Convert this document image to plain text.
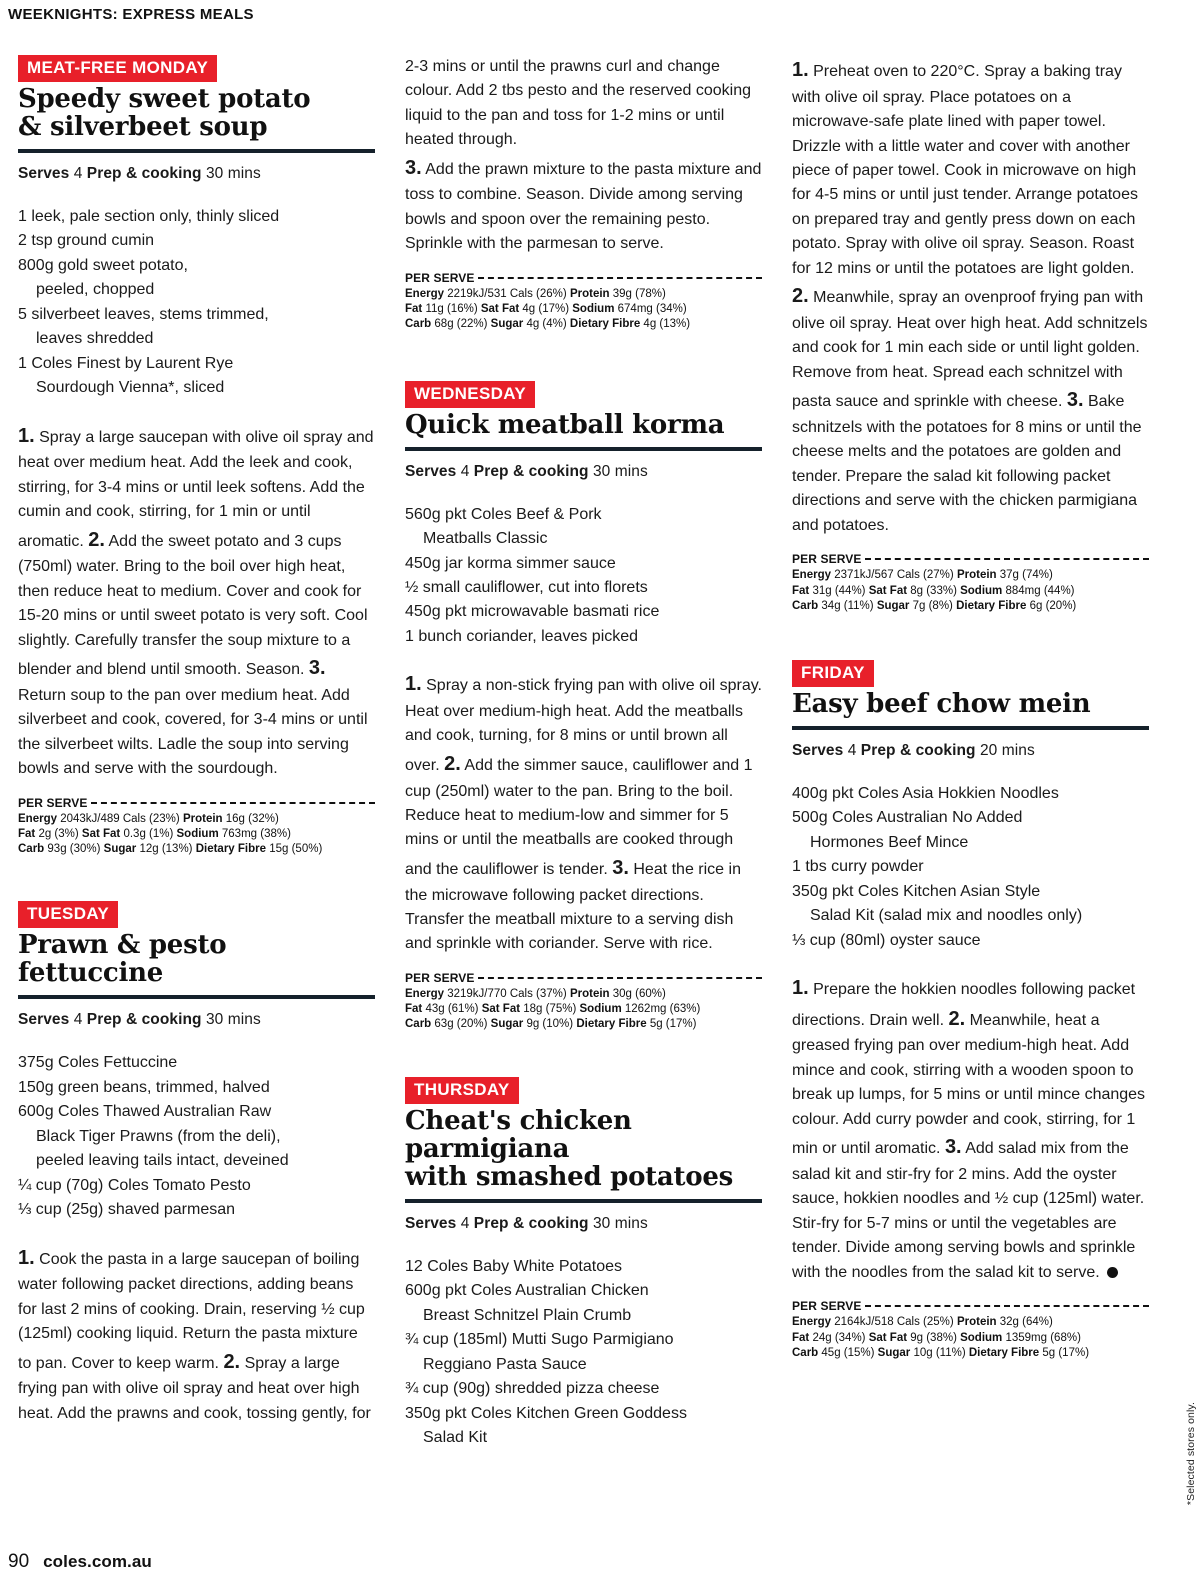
WEEKNIGHTS: EXPRESS MEALS
MEAT-FREE MONDAY
Speedy sweet potato
& silverbeet soup
Serves 4 Prep & cooking 30 mins
1 leek, pale section only, thinly sliced
2 tsp ground cumin
800g gold sweet potato,
peeled, chopped
5 silverbeet leaves, stems trimmed,
leaves shredded
1 Coles Finest by Laurent Rye
Sourdough Vienna*, sliced
1. Spray a large saucepan with olive oil spray and heat over medium heat. Add the leek and cook, stirring, for 3-4 mins or until leek softens. Add the cumin and cook, stirring, for 1 min or until aromatic. 2. Add the sweet potato and 3 cups (750ml) water. Bring to the boil over high heat, then reduce heat to medium. Cover and cook for 15-20 mins or until sweet potato is very soft. Cool slightly. Carefully transfer the soup mixture to a blender and blend until smooth. Season. 3. Return soup to the pan over medium heat. Add silverbeet and cook, covered, for 3-4 mins or until the silverbeet wilts. Ladle the soup into serving bowls and serve with the sourdough.
PER SERVE
Energy 2043kJ/489 Cals (23%) Protein 16g (32%)
Fat 2g (3%) Sat Fat 0.3g (1%) Sodium 763mg (38%)
Carb 93g (30%) Sugar 12g (13%) Dietary Fibre 15g (50%)
TUESDAY
Prawn & pesto fettuccine
Serves 4 Prep & cooking 30 mins
375g Coles Fettuccine
150g green beans, trimmed, halved
600g Coles Thawed Australian Raw
Black Tiger Prawns (from the deli),
peeled leaving tails intact, deveined
¼ cup (70g) Coles Tomato Pesto
⅓ cup (25g) shaved parmesan
1. Cook the pasta in a large saucepan of boiling water following packet directions, adding beans for last 2 mins of cooking. Drain, reserving ½ cup (125ml) cooking liquid. Return the pasta mixture to pan. Cover to keep warm. 2. Spray a large frying pan with olive oil spray and heat over high heat. Add the prawns and cook, tossing gently, for
2-3 mins or until the prawns curl and change colour. Add 2 tbs pesto and the reserved cooking liquid to the pan and toss for 1-2 mins or until heated through.
3. Add the prawn mixture to the pasta mixture and toss to combine. Season. Divide among serving bowls and spoon over the remaining pesto. Sprinkle with the parmesan to serve.
PER SERVE
Energy 2219kJ/531 Cals (26%) Protein 39g (78%)
Fat 11g (16%) Sat Fat 4g (17%) Sodium 674mg (34%)
Carb 68g (22%) Sugar 4g (4%) Dietary Fibre 4g (13%)
WEDNESDAY
Quick meatball korma
Serves 4 Prep & cooking 30 mins
560g pkt Coles Beef & Pork
Meatballs Classic
450g jar korma simmer sauce
½ small cauliflower, cut into florets
450g pkt microwavable basmati rice
1 bunch coriander, leaves picked
1. Spray a non-stick frying pan with olive oil spray. Heat over medium-high heat. Add the meatballs and cook, turning, for 8 mins or until brown all over. 2. Add the simmer sauce, cauliflower and 1 cup (250ml) water to the pan. Bring to the boil. Reduce heat to medium-low and simmer for 5 mins or until the meatballs are cooked through and the cauliflower is tender. 3. Heat the rice in the microwave following packet directions. Transfer the meatball mixture to a serving dish and sprinkle with coriander. Serve with rice.
PER SERVE
Energy 3219kJ/770 Cals (37%) Protein 30g (60%)
Fat 43g (61%) Sat Fat 18g (75%) Sodium 1262mg (63%)
Carb 63g (20%) Sugar 9g (10%) Dietary Fibre 5g (17%)
THURSDAY
Cheat's chicken parmigiana
with smashed potatoes
Serves 4 Prep & cooking 30 mins
12 Coles Baby White Potatoes
600g pkt Coles Australian Chicken
Breast Schnitzel Plain Crumb
¾ cup (185ml) Mutti Sugo Parmigiano
Reggiano Pasta Sauce
¾ cup (90g) shredded pizza cheese
350g pkt Coles Kitchen Green Goddess
Salad Kit
1. Preheat oven to 220°C. Spray a baking tray with olive oil spray. Place potatoes on a microwave-safe plate lined with paper towel. Drizzle with a little water and cover with another piece of paper towel. Cook in microwave on high for 4-5 mins or until just tender. Arrange potatoes on prepared tray and gently press down on each potato. Spray with olive oil spray. Season. Roast for 12 mins or until the potatoes are light golden. 2. Meanwhile, spray an ovenproof frying pan with olive oil spray. Heat over high heat. Add schnitzels and cook for 1 min each side or until light golden. Remove from heat. Spread each schnitzel with pasta sauce and sprinkle with cheese. 3. Bake schnitzels with the potatoes for 8 mins or until the cheese melts and the potatoes are golden and tender. Prepare the salad kit following packet directions and serve with the chicken parmigiana and potatoes.
PER SERVE
Energy 2371kJ/567 Cals (27%) Protein 37g (74%)
Fat 31g (44%) Sat Fat 8g (33%) Sodium 884mg (44%)
Carb 34g (11%) Sugar 7g (8%) Dietary Fibre 6g (20%)
FRIDAY
Easy beef chow mein
Serves 4 Prep & cooking 20 mins
400g pkt Coles Asia Hokkien Noodles
500g Coles Australian No Added
Hormones Beef Mince
1 tbs curry powder
350g pkt Coles Kitchen Asian Style
Salad Kit (salad mix and noodles only)
⅓ cup (80ml) oyster sauce
1. Prepare the hokkien noodles following packet directions. Drain well. 2. Meanwhile, heat a greased frying pan over medium-high heat. Add mince and cook, stirring with a wooden spoon to break up lumps, for 5 mins or until mince changes colour. Add curry powder and cook, stirring, for 1 min or until aromatic. 3. Add salad mix from the salad kit and stir-fry for 2 mins. Add the oyster sauce, hokkien noodles and ½ cup (125ml) water. Stir-fry for 5-7 mins or until the vegetables are tender. Divide among serving bowls and sprinkle with the noodles from the salad kit to serve.
PER SERVE
Energy 2164kJ/518 Cals (25%) Protein 32g (64%)
Fat 24g (34%) Sat Fat 9g (38%) Sodium 1359mg (68%)
Carb 45g (15%) Sugar 10g (11%) Dietary Fibre 5g (17%)
*Selected stores only.
90 coles.com.au
